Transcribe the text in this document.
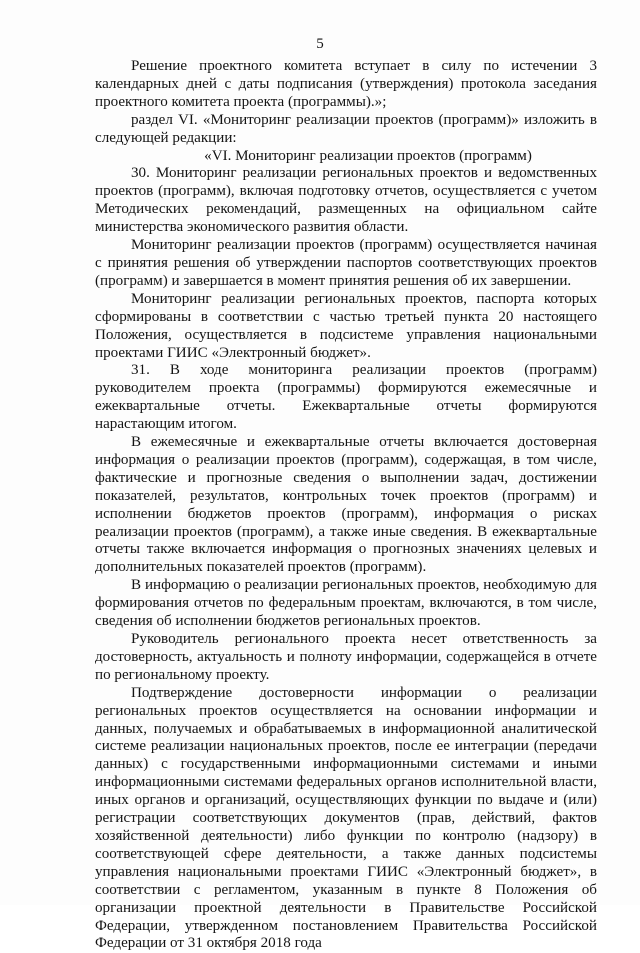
5

Решение проектного комитета вступает в силу по истечении 3 календарных дней с даты подписания (утверждения) протокола заседания проектного комитета проекта (программы).»;

раздел VI. «Мониторинг реализации проектов (программ)» изложить в следующей редакции:

«VI. Мониторинг реализации проектов (программ)

30. Мониторинг реализации региональных проектов и ведомственных проектов (программ), включая подготовку отчетов, осуществляется с учетом Методических рекомендаций, размещенных на официальном сайте министерства экономического развития области.

Мониторинг реализации проектов (программ) осуществляется начиная с принятия решения об утверждении паспортов соответствующих проектов (программ) и завершается в момент принятия решения об их завершении.

Мониторинг реализации региональных проектов, паспорта которых сформированы в соответствии с частью третьей пункта 20 настоящего Положения, осуществляется в подсистеме управления национальными проектами ГИИС «Электронный бюджет».

31. В ходе мониторинга реализации проектов (программ) руководителем проекта (программы) формируются ежемесячные и ежеквартальные отчеты. Ежеквартальные отчеты формируются нарастающим итогом.

В ежемесячные и ежеквартальные отчеты включается достоверная информация о реализации проектов (программ), содержащая, в том числе, фактические и прогнозные сведения о выполнении задач, достижении показателей, результатов, контрольных точек проектов (программ) и исполнении бюджетов проектов (программ), информация о рисках реализации проектов (программ), а также иные сведения. В ежеквартальные отчеты также включается информация о прогнозных значениях целевых и дополнительных показателей проектов (программ).

В информацию о реализации региональных проектов, необходимую для формирования отчетов по федеральным проектам, включаются, в том числе, сведения об исполнении бюджетов региональных проектов.

Руководитель регионального проекта несет ответственность за достоверность, актуальность и полноту информации, содержащейся в отчете по региональному проекту.

Подтверждение достоверности информации о реализации региональных проектов осуществляется на основании информации и данных, получаемых и обрабатываемых в информационной аналитической системе реализации национальных проектов, после ее интеграции (передачи данных) с государственными информационными системами и иными информационными системами федеральных органов исполнительной власти, иных органов и организаций, осуществляющих функции по выдаче и (или) регистрации соответствующих документов (прав, действий, фактов хозяйственной деятельности) либо функции по контролю (надзору) в соответствующей сфере деятельности, а также данных подсистемы управления национальными проектами ГИИС «Электронный бюджет», в соответствии с регламентом, указанным в пункте 8 Положения об организации проектной деятельности в Правительстве Российской Федерации, утвержденном постановлением Правительства Российской Федерации от 31 октября 2018 года
